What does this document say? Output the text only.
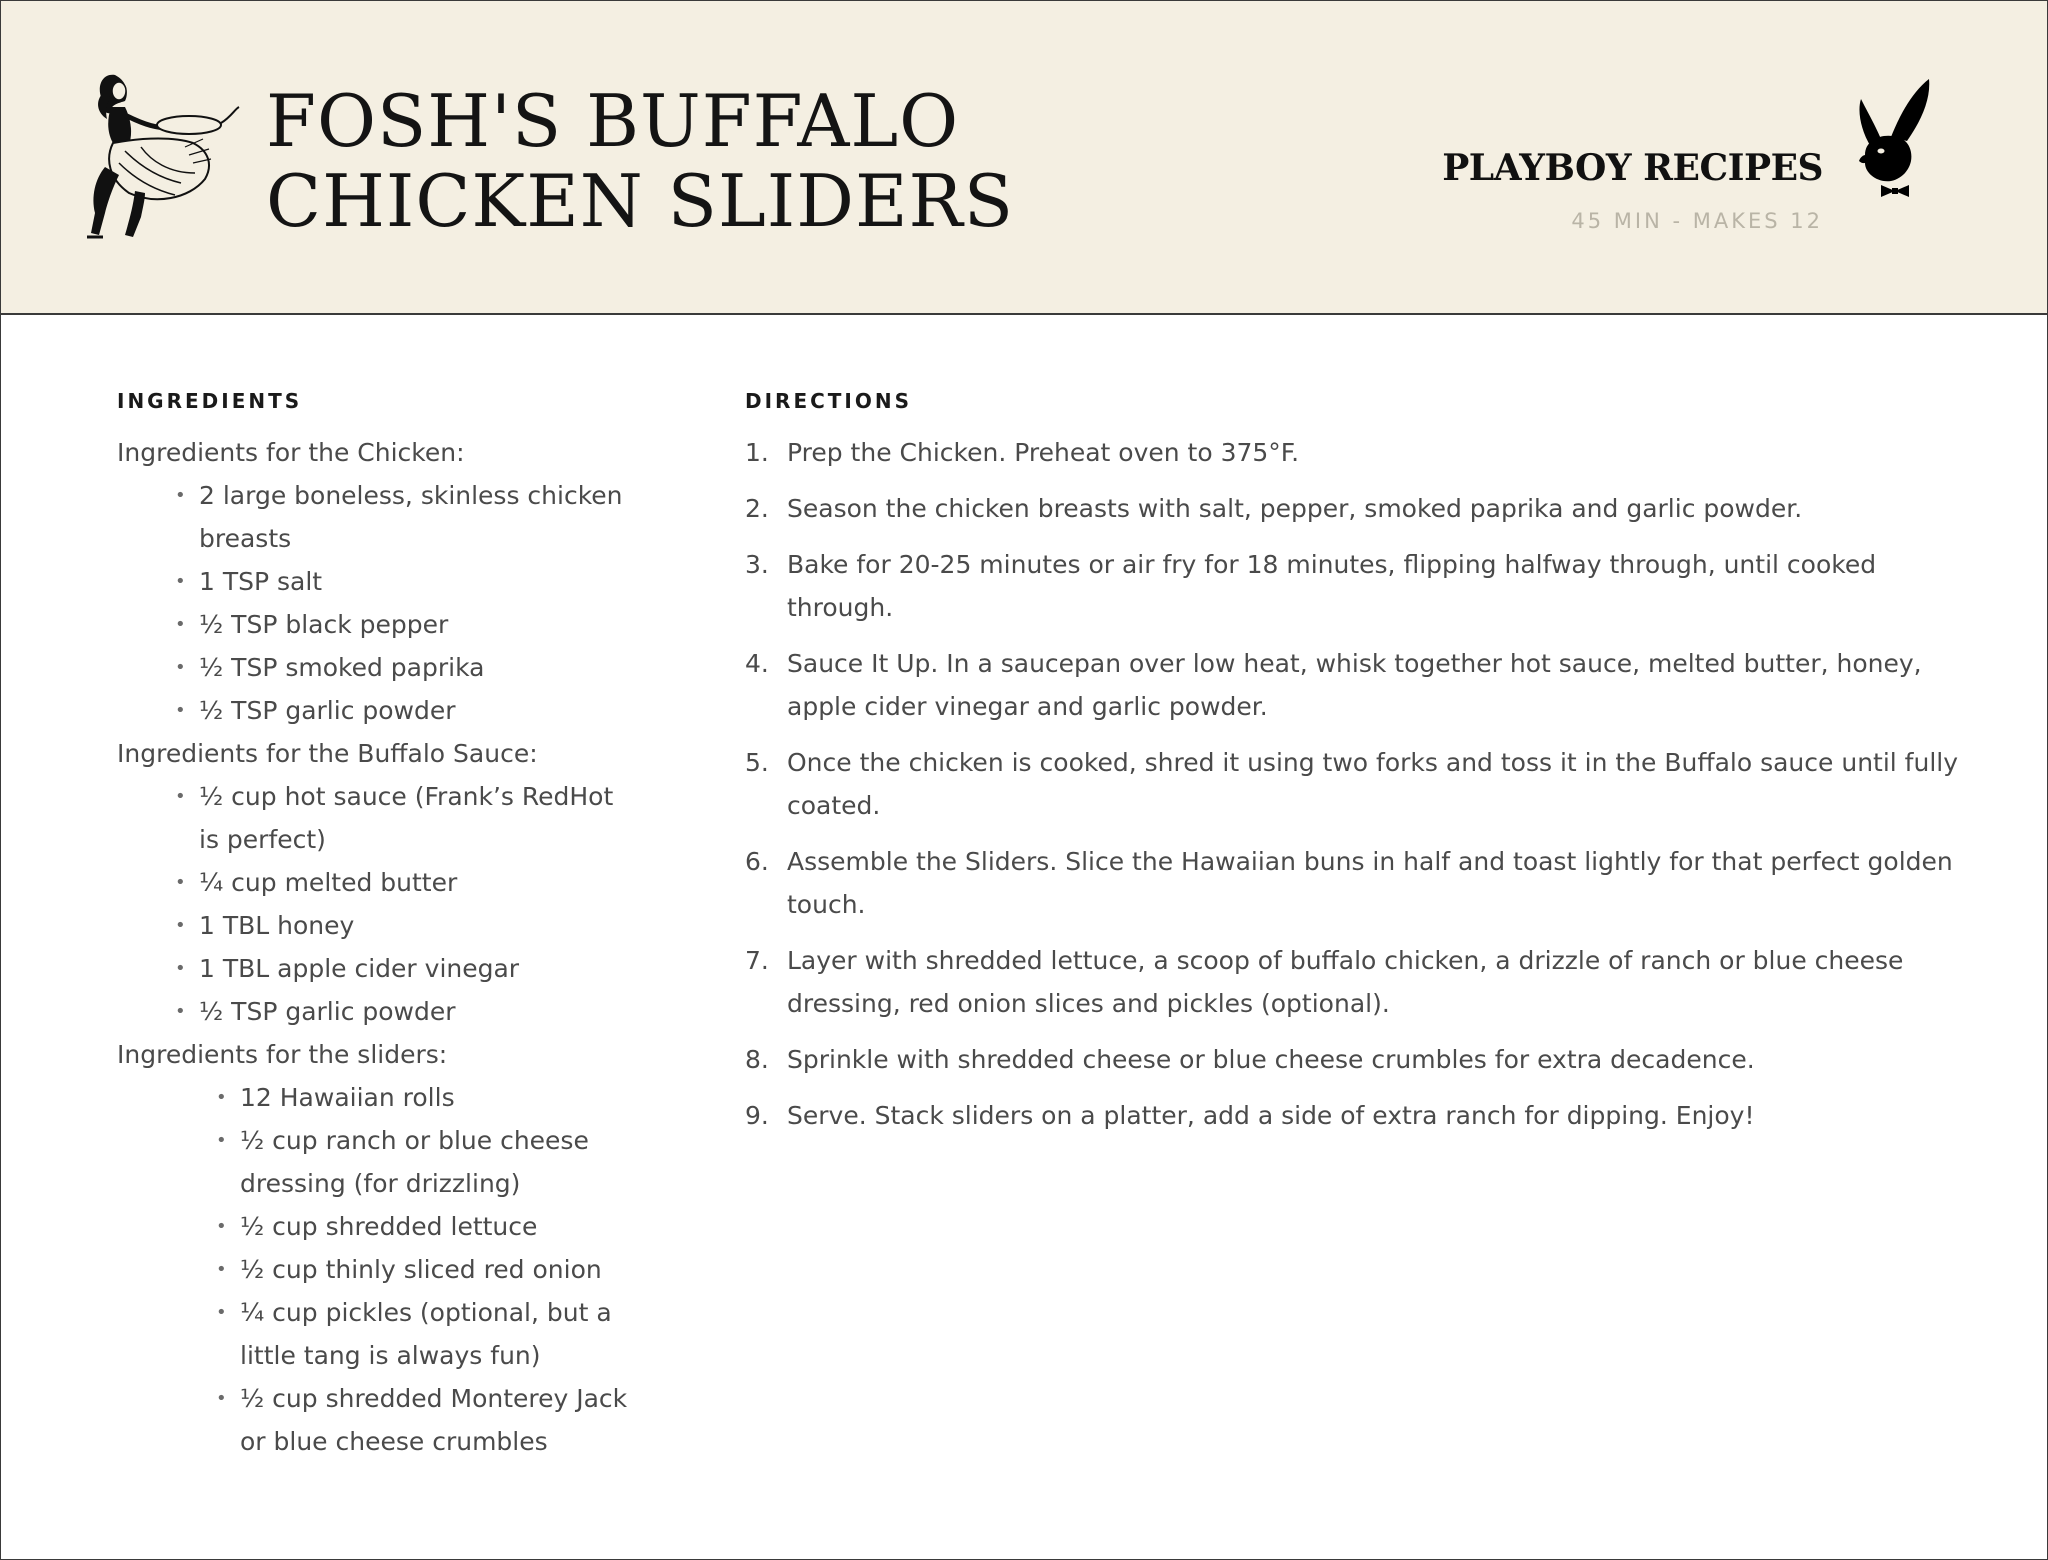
FOSH'S BUFFALO
CHICKEN SLIDERS	PLAYBOY RECIPES
45 MIN - MAKES 12
INGREDIENTS

Ingredients for the Chicken:

• 2 large boneless, skinless chicken breasts
• 1 TSP salt
• ½ TSP black pepper
• ½ TSP smoked paprika
• ½ TSP garlic powder

Ingredients for the Buffalo Sauce:

• ½ cup hot sauce (Frank’s RedHot is perfect)
• ¼ cup melted butter
• 1 TBL honey
• 1 TBL apple cider vinegar
• ½ TSP garlic powder

Ingredients for the sliders:

• 12 Hawaiian rolls
• ½ cup ranch or blue cheese dressing (for drizzling)
• ½ cup shredded lettuce
• ½ cup thinly sliced red onion
• ¼ cup pickles (optional, but a little tang is always fun)
• ½ cup shredded Monterey Jack or blue cheese crumbles
DIRECTIONS
1. Prep the Chicken. Preheat oven to 375°F.
2. Season the chicken breasts with salt, pepper, smoked paprika and garlic powder.
3. Bake for 20-25 minutes or air fry for 18 minutes, flipping halfway through, until cooked through.
4. Sauce It Up. In a saucepan over low heat, whisk together hot sauce, melted butter, honey, apple cider vinegar and garlic powder.
5. Once the chicken is cooked, shred it using two forks and toss it in the Buffalo sauce until fully coated.
6. Assemble the Sliders. Slice the Hawaiian buns in half and toast lightly for that perfect golden touch.
7. Layer with shredded lettuce, a scoop of buffalo chicken, a drizzle of ranch or blue cheese dressing, red onion slices and pickles (optional).
8. Sprinkle with shredded cheese or blue cheese crumbles for extra decadence.
9. Serve. Stack sliders on a platter, add a side of extra ranch for dipping. Enjoy!
